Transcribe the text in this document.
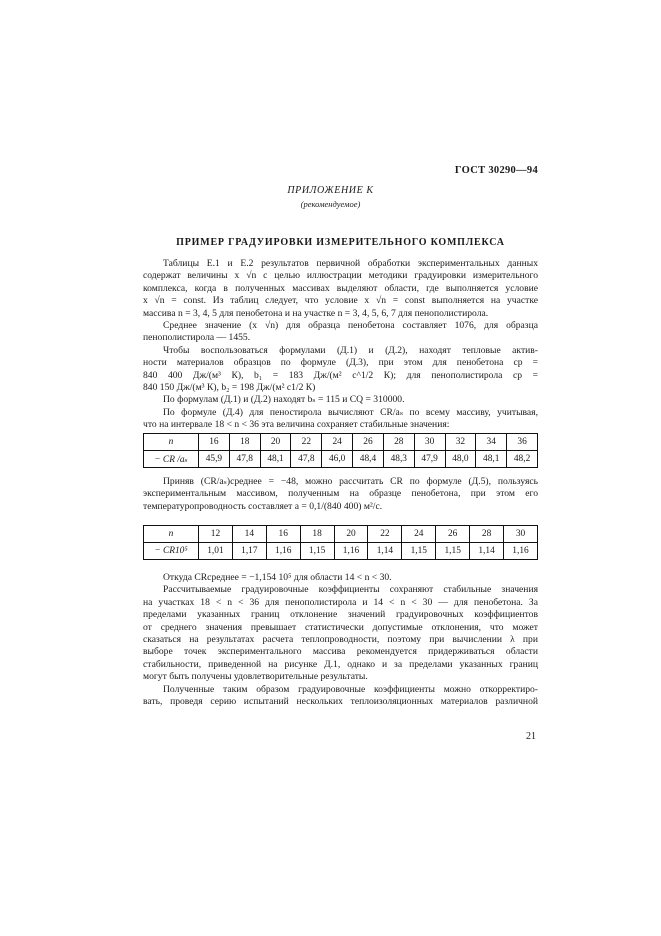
ГОСТ 30290—94
ПРИЛОЖЕНИЕ К
(рекомендуемое)
ПРИМЕР ГРАДУИРОВКИ ИЗМЕРИТЕЛЬНОГО КОМПЛЕКСА
Таблицы Е.1 и Е.2 результатов первичной обработки экспериментальных данных
содержат величины x √n с целью иллюстрации методики градуировки измерительного
комплекса, когда в полученных массивах выделяют области, где выполняется условие
x √n = const. Из таблиц следует, что условие x √n = const выполняется на участке
массива n = 3, 4, 5 для пенобетона и на участке n = 3, 4, 5, 6, 7 для пенополистирола.
Среднее значение (x √n) для образца пенобетона составляет 1076, для образца
пенополистирола — 1455.
Чтобы воспользоваться формулами (Д.1) и (Д.2), находят тепловые актив-
ности материалов образцов по формуле (Д.3), при этом для пенобетона cp =
840 400 Дж/(м³ К), b₁ = 183 Дж/(м² с^1/2 К); для пенополистирола cp =
840 150 Дж/(м³ К), b₂ = 198 Дж/(м² с1/2 К)
По формулам (Д.1) и (Д.2) находят bₛ = 115 и CQ = 310000.
По формуле (Д.4) для пеностирола вычисляют CR/aₛ по всему массиву, учитывая,
что на интервале 18 < n < 36 эта величина сохраняет стабильные значения:
n	16	18	20	22	24	26	28	30	32	34	36
− CR /aₛ	45,9	47,8	48,1	47,8	46,0	48,4	48,3	47,9	48,0	48,1	48,2
Приняв (CR/aₛ)среднее = −48, можно рассчитать CR по формуле (Д.5), пользуясь
экспериментальным массивом, полученным на образце пенобетона, при этом его
температуропроводность составляет a = 0,1/(840 400) м²/с.
n	12	14	16	18	20	22	24	26	28	30
− CR10⁵	1,01	1,17	1,16	1,15	1,16	1,14	1,15	1,15	1,14	1,16
Откуда CRсреднее = −1,154 10⁵ для области 14 < n < 30.
Рассчитываемые градуировочные коэффициенты сохраняют стабильные значения
на участках 18 < n < 36 для пенополистирола и 14 < n < 30 — для пенобетона. За
пределами указанных границ отклонение значений градуировочных коэффициентов
от среднего значения превышает статистически допустимые отклонения, что может
сказаться на результатах расчета теплопроводности, поэтому при вычислении λ при
выборе точек экспериментального массива рекомендуется придерживаться области
стабильности, приведенной на рисунке Д.1, однако и за пределами указанных границ
могут быть получены удовлетворительные результаты.
Полученные таким образом градуировочные коэффициенты можно откорректиро-
вать, проведя серию испытаний нескольких теплоизоляционных материалов различной
21
